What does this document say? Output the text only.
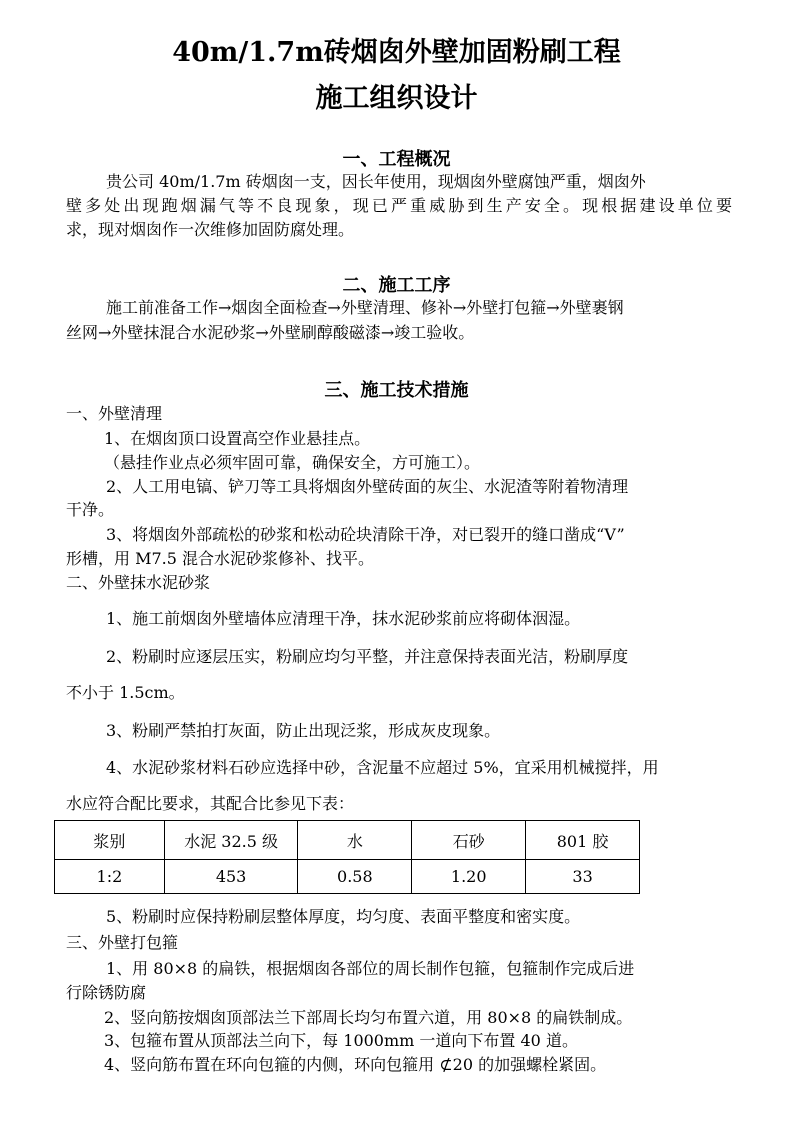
40m/1.7m砖烟囱外壁加固粉刷工程
施工组织设计
一、工程概况
贵公司 40m/1.7m 砖烟囱一支，因长年使用，现烟囱外壁腐蚀严重，烟囱外
壁多处出现跑烟漏气等不良现象，现已严重威胁到生产安全。现根据建设单位要
求，现对烟囱作一次维修加固防腐处理。
二、施工工序
施工前准备工作→烟囱全面检查→外壁清理、修补→外壁打包箍→外壁裹钢
丝网→外壁抹混合水泥砂浆→外壁刷醇酸磁漆→竣工验收。
三、施工技术措施
一、外壁清理
1、在烟囱顶口设置高空作业悬挂点。
（悬挂作业点必须牢固可靠，确保安全，方可施工）。
2、人工用电镐、铲刀等工具将烟囱外壁砖面的灰尘、水泥渣等附着物清理
干净。
3、将烟囱外部疏松的砂浆和松动砼块清除干净，对已裂开的缝口凿成“V”
形槽，用 M7.5 混合水泥砂浆修补、找平。
二、外壁抹水泥砂浆
1、施工前烟囱外壁墙体应清理干净，抹水泥砂浆前应将砌体洇湿。
2、粉刷时应逐层压实，粉刷应均匀平整，并注意保持表面光洁，粉刷厚度
不小于 1.5cm。
3、粉刷严禁拍打灰面，防止出现泛浆，形成灰皮现象。
4、水泥砂浆材料石砂应选择中砂，含泥量不应超过 5%，宜采用机械搅拌，用
水应符合配比要求，其配合比参见下表：
浆别	水泥 32.5 级	水	石砂	801 胶
1:2	453	0.58	1.20	33
5、粉刷时应保持粉刷层整体厚度，均匀度、表面平整度和密实度。
三、外壁打包箍
1、用 80×8 的扁铁，根据烟囱各部位的周长制作包箍，包箍制作完成后进
行除锈防腐
2、竖向筋按烟囱顶部法兰下部周长均匀布置六道，用 80×8 的扁铁制成。
3、包箍布置从顶部法兰向下，每 1000mm 一道向下布置 40 道。
4、竖向筋布置在环向包箍的内侧，环向包箍用 ⊄20 的加强螺栓紧固。
